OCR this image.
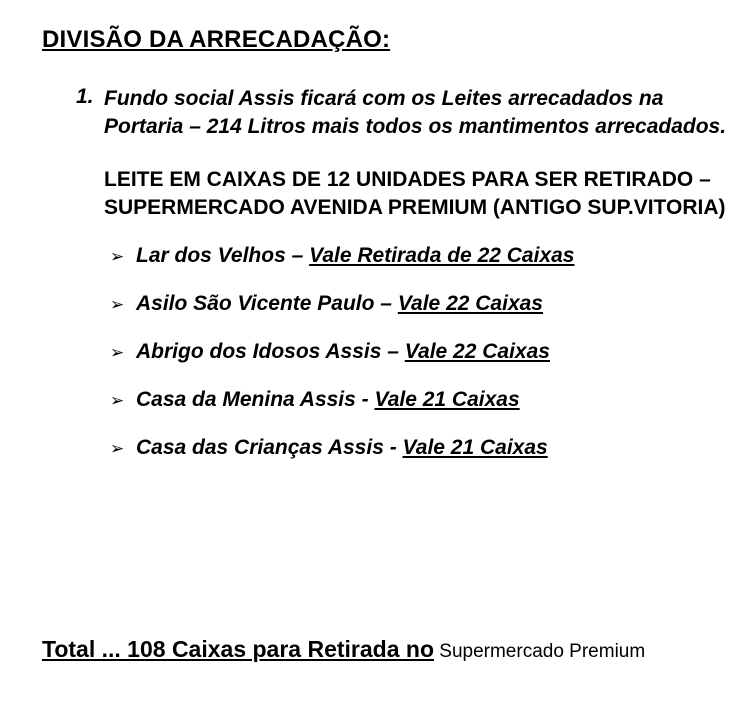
DIVISÃO DA ARRECADAÇÃO:
1. Fundo social Assis ficará com os Leites arrecadados na Portaria – 214 Litros mais todos os mantimentos arrecadados.
LEITE EM CAIXAS DE 12 UNIDADES PARA SER RETIRADO – SUPERMERCADO AVENIDA PREMIUM (ANTIGO SUP.VITORIA)
➢ Lar dos Velhos – Vale Retirada de 22 Caixas
➢ Asilo São Vicente Paulo – Vale 22 Caixas
➢ Abrigo dos Idosos Assis – Vale 22 Caixas
➢ Casa da Menina Assis - Vale 21 Caixas
➢ Casa das Crianças Assis - Vale 21 Caixas
Total ... 108 Caixas para Retirada no Supermercado Premium
